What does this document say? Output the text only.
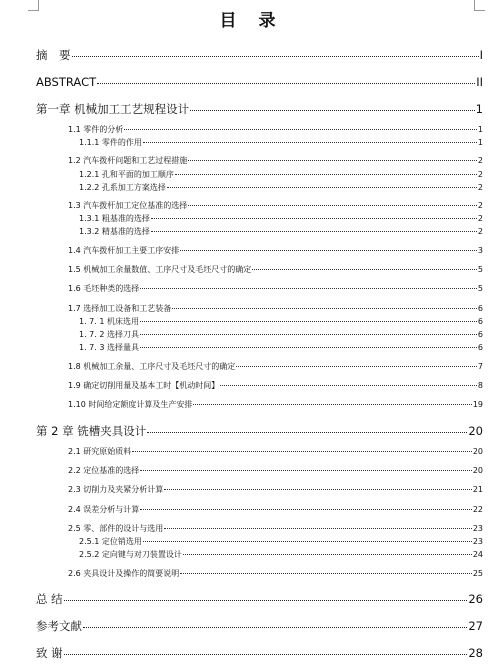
目 录
摘　要	I
ABSTRACT	II
第一章 机械加工工艺规程设计	1
1.1 零件的分析	1
1.1.1 零件的作用	1
1.2 汽车拨杆问题和工艺过程措施	2
1.2.1 孔和平面的加工顺序	2
1.2.2 孔系加工方案选择	2
1.3 汽车拨杆加工定位基准的选择	2
1.3.1 粗基准的选择	2
1.3.2 精基准的选择	2
1.4 汽车拨杆加工主要工序安排	3
1.5 机械加工余量数值、工序尺寸及毛坯尺寸的确定	5
1.6 毛坯种类的选择	5
1.7 选择加工设备和工艺装备	6
1. 7. 1 机床选用	6
1. 7. 2 选择刀具	6
1. 7. 3 选择量具	6
1.8 机械加工余量、工序尺寸及毛坯尺寸的确定	7
1.9 确定切削用量及基本工时【机动时间】	8
1.10 时间给定额度计算及生产安排	19
第 2 章 铣槽夹具设计	20
2.1 研究原始质料	20
2.2 定位基准的选择	20
2.3 切削力及夹紧分析计算	21
2.4 误差分析与计算	22
2.5 零、部件的设计与选用	23
2.5.1 定位销选用	23
2.5.2 定向键与对刀装置设计	24
2.6 夹具设计及操作的简要说明	25
总 结	26
参考文献	27
致 谢	28
